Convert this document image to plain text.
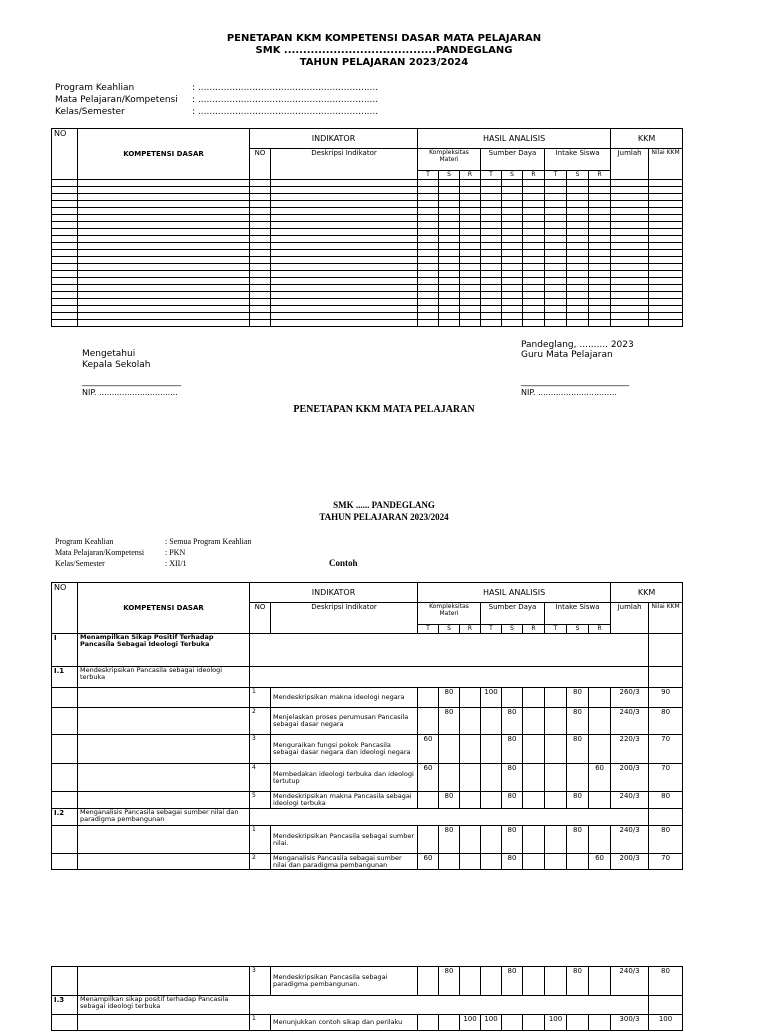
PENETAPAN KKM KOMPETENSI DASAR MATA PELAJARAN
SMK ........................................PANDEGLANG
TAHUN PELAJARAN 2023/2024
Program Keahlian	: ...............................................................
Mata Pelajaran/Kompetensi : ...............................................................
Kelas/Semester	: ...............................................................
NO	KOMPETENSI DASAR	INDIKATOR		HASIL ANALISIS									KKM	
		NO	Deskripsi Indikator	Kompleksitas Materi			Sumber Daya			Intake Siswa			Jumlah	Nilai KKM
				T	S	R	T	S	R	T	S	R		

Mengetahui
Kepala Sekolah
______________________
NIP. ...............................
Pandeglang, .......... 2023
Guru Mata Pelajaran
________________________
NIP. ...............................
PENETAPAN KKM MATA PELAJARAN
SMK ...... PANDEGLANG
TAHUN PELAJARAN 2023/2024
Program Keahlian	: Semua Program Keahlian
Mata Pelajaran/Kompetensi	: PKN
Kelas/Semester	: XII/1	Contoh
NO	KOMPETENSI DASAR	INDIKATOR		HASIL ANALISIS									KKM		
		NO	Deskripsi Indikator	Kompleksitas Materi			Sumber Daya			Intake Siswa			Jumlah	Nilai KKM	
				T	S	R	T	S	R	T	S	R			
I	Menampilkan Sikap Positif Terhadap Pancasila Sebagai Ideologi Terbuka			
I.1	Mendeskripsikan Pancasila sebagai ideologi terbuka			
		1	Mendeskripsikan makna ideologi negara		80		100				80		260/3	90	
		2	Menjelaskan proses perumusan Pancasila sebagai dasar negara		80			80			80		240/3	80	
		3	Menguraikan fungsi pokok Pancasila sebagai dasar negara dan ideologi negara	60				80			80		220/3	70	
		4	Membedakan ideologi terbuka dan ideologi tertutup	60				80				60	200/3	70	
		5	Mendeskripsikan makna Pancasila sebagai ideologi terbuka		80			80			80		240/3	80	
I.2	Menganalisis Pancasila sebagai sumber nilai dan paradigma pembangunan			
		1	Mendeskripsikan Pancasila sebagai sumber nilai.		80			80			80		240/3	80	
		2	Menganalisis Pancasila sebagai sumber nilai dan paradigma pembangunan	60				80				60	200/3	70	
		3	Mendeskripsikan Pancasila sebagai paradigma pembangunan.		80			80			80		240/3	80	
I.3	Menampilkan sikap positif terhadap Pancasila sebagai ideologi terbuka			
		1	Menunjukkan contoh sikap dan perilaku			100	100			100			300/3	100	
